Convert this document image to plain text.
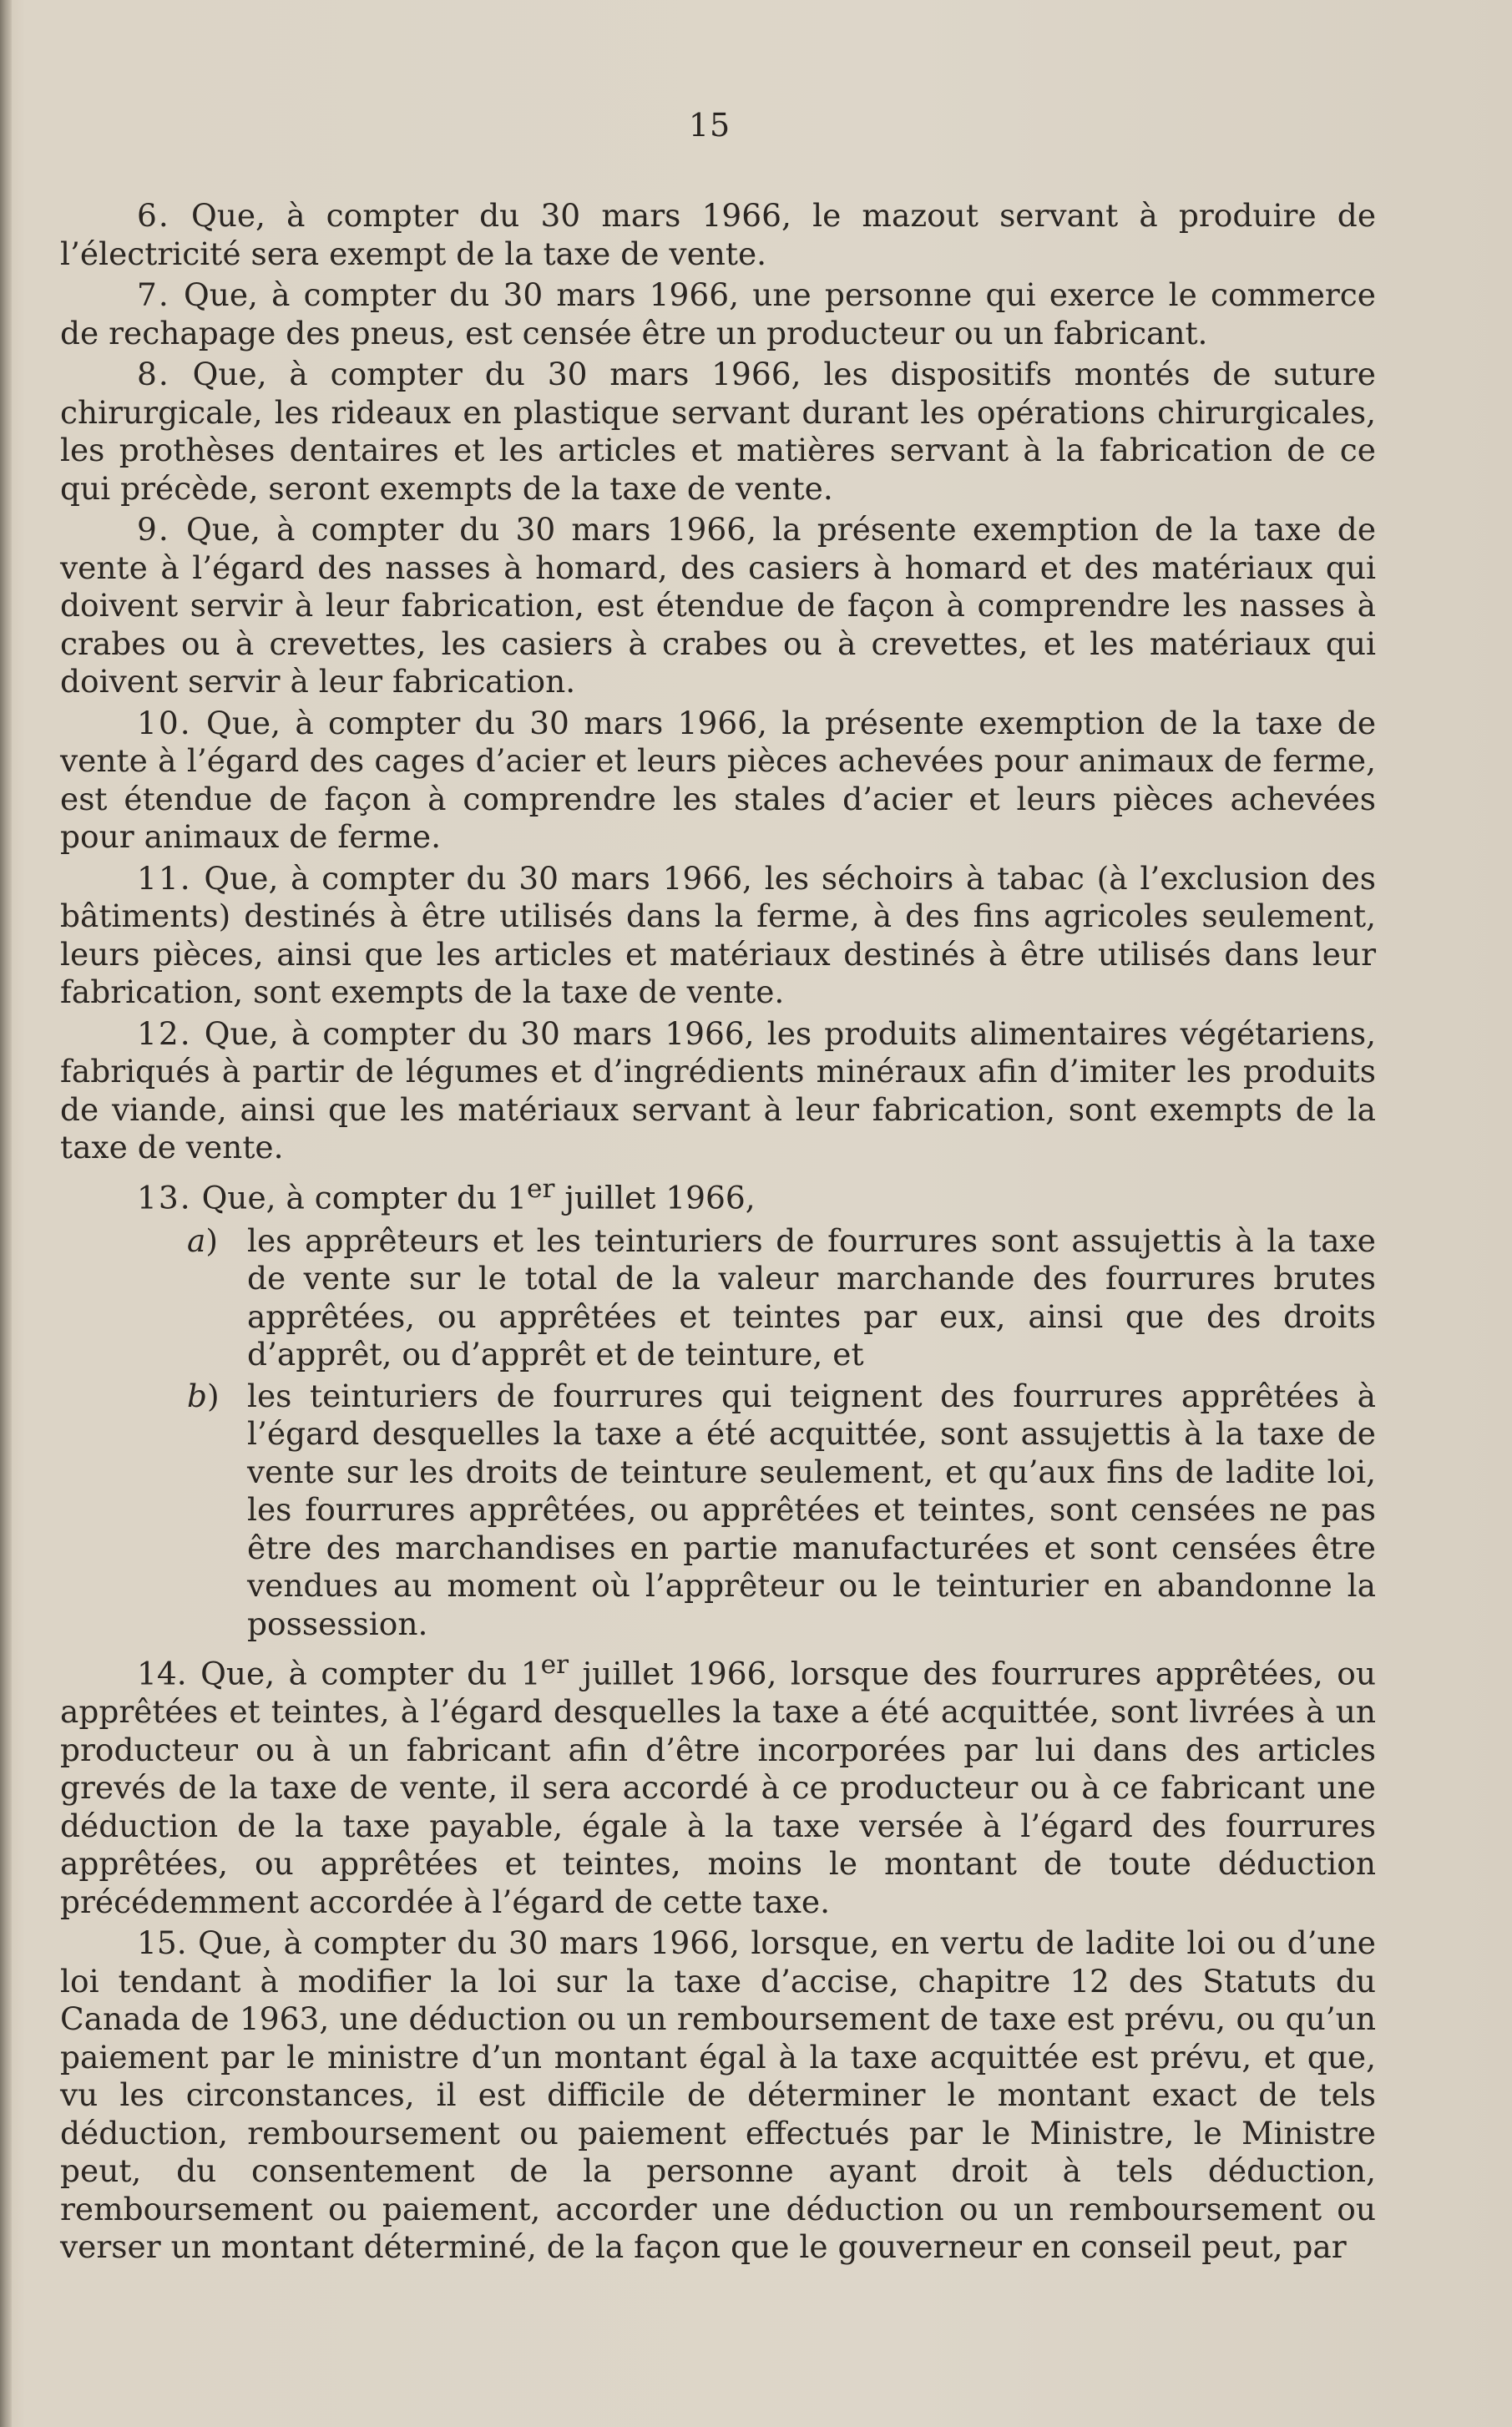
15

6. Que, à compter du 30 mars 1966, le mazout servant à produire de l’électricité sera exempt de la taxe de vente.

7. Que, à compter du 30 mars 1966, une personne qui exerce le commerce de rechapage des pneus, est censée être un producteur ou un fabricant.

8. Que, à compter du 30 mars 1966, les dispositifs montés de suture chirurgicale, les rideaux en plastique servant durant les opérations chirurgicales, les prothèses dentaires et les articles et matières servant à la fabrication de ce qui précède, seront exempts de la taxe de vente.

9. Que, à compter du 30 mars 1966, la présente exemption de la taxe de vente à l’égard des nasses à homard, des casiers à homard et des matériaux qui doivent servir à leur fabrication, est étendue de façon à comprendre les nasses à crabes ou à crevettes, les casiers à crabes ou à crevettes, et les matériaux qui doivent servir à leur fabrication.

10. Que, à compter du 30 mars 1966, la présente exemption de la taxe de vente à l’égard des cages d’acier et leurs pièces achevées pour animaux de ferme, est étendue de façon à comprendre les stales d’acier et leurs pièces achevées pour animaux de ferme.

11. Que, à compter du 30 mars 1966, les séchoirs à tabac (à l’exclusion des bâtiments) destinés à être utilisés dans la ferme, à des fins agricoles seulement, leurs pièces, ainsi que les articles et matériaux destinés à être utilisés dans leur fabrication, sont exempts de la taxe de vente.

12. Que, à compter du 30 mars 1966, les produits alimentaires végétariens, fabriqués à partir de légumes et d’ingrédients minéraux afin d’imiter les produits de viande, ainsi que les matériaux servant à leur fabrication, sont exempts de la taxe de vente.

13. Que, à compter du 1er juillet 1966,

a) les apprêteurs et les teinturiers de fourrures sont assujettis à la taxe de vente sur le total de la valeur marchande des fourrures brutes apprêtées, ou apprêtées et teintes par eux, ainsi que des droits d’apprêt, ou d’apprêt et de teinture, et

b) les teinturiers de fourrures qui teignent des fourrures apprêtées à l’égard desquelles la taxe a été acquittée, sont assujettis à la taxe de vente sur les droits de teinture seulement, et qu’aux fins de ladite loi, les fourrures apprêtées, ou apprêtées et teintes, sont censées ne pas être des marchandises en partie manufacturées et sont censées être vendues au moment où l’apprêteur ou le teinturier en abandonne la possession.

14. Que, à compter du 1er juillet 1966, lorsque des fourrures apprêtées, ou apprêtées et teintes, à l’égard desquelles la taxe a été acquittée, sont livrées à un producteur ou à un fabricant afin d’être incorporées par lui dans des articles grevés de la taxe de vente, il sera accordé à ce producteur ou à ce fabricant une déduction de la taxe payable, égale à la taxe versée à l’égard des fourrures apprêtées, ou apprêtées et teintes, moins le montant de toute déduction précédemment accordée à l’égard de cette taxe.

15. Que, à compter du 30 mars 1966, lorsque, en vertu de ladite loi ou d’une loi tendant à modifier la loi sur la taxe d’accise, chapitre 12 des Statuts du Canada de 1963, une déduction ou un remboursement de taxe est prévu, ou qu’un paiement par le ministre d’un montant égal à la taxe acquittée est prévu, et que, vu les circonstances, il est difficile de déterminer le montant exact de tels déduction, remboursement ou paiement effectués par le Ministre, le Ministre peut, du consentement de la personne ayant droit à tels déduction, remboursement ou paiement, accorder une déduction ou un remboursement ou verser un montant déterminé, de la façon que le gouverneur en conseil peut, par
